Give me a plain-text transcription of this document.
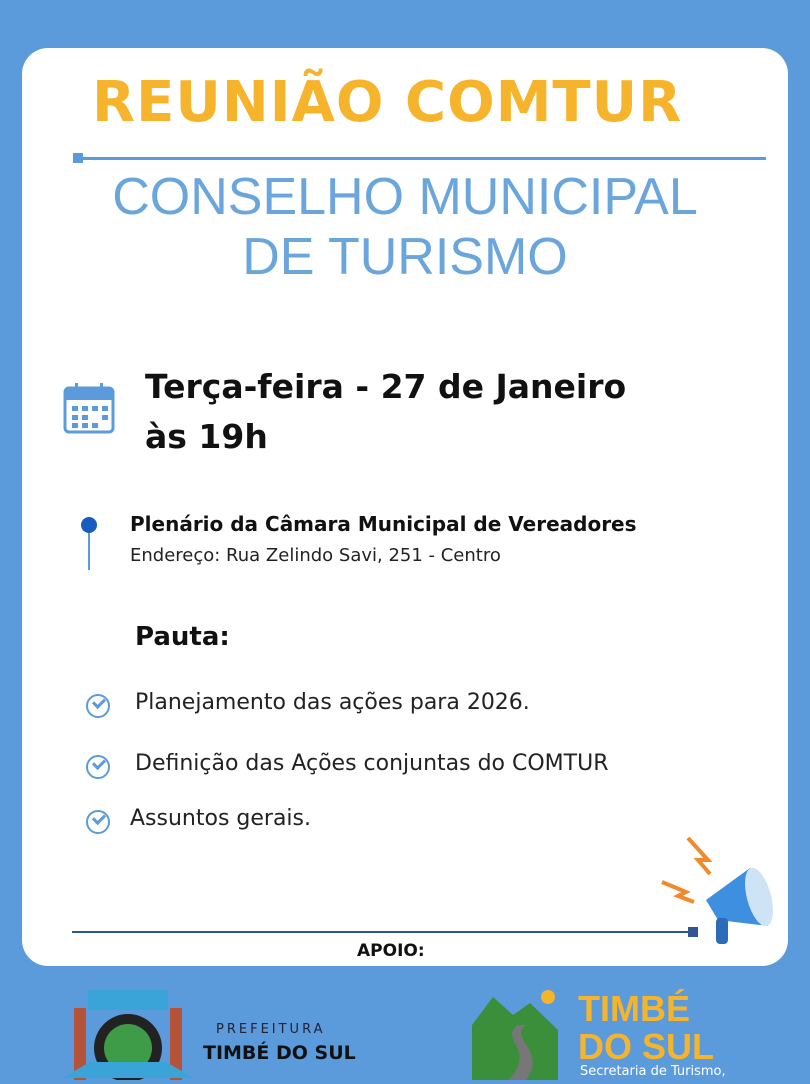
REUNIÃO COMTUR
CONSELHO MUNICIPAL
DE TURISMO
Terça-feira - 27 de Janeiro
às 19h
Plenário da Câmara Municipal de Vereadores
Endereço: Rua Zelindo Savi, 251 - Centro
Pauta:
Planejamento das ações para 2026.
Definição das Ações conjuntas do COMTUR
Assuntos gerais.
APOIO:
PREFEITURA
TIMBÉ DO SUL
TIMBÉ
DO SUL
Secretaria de Turismo,
